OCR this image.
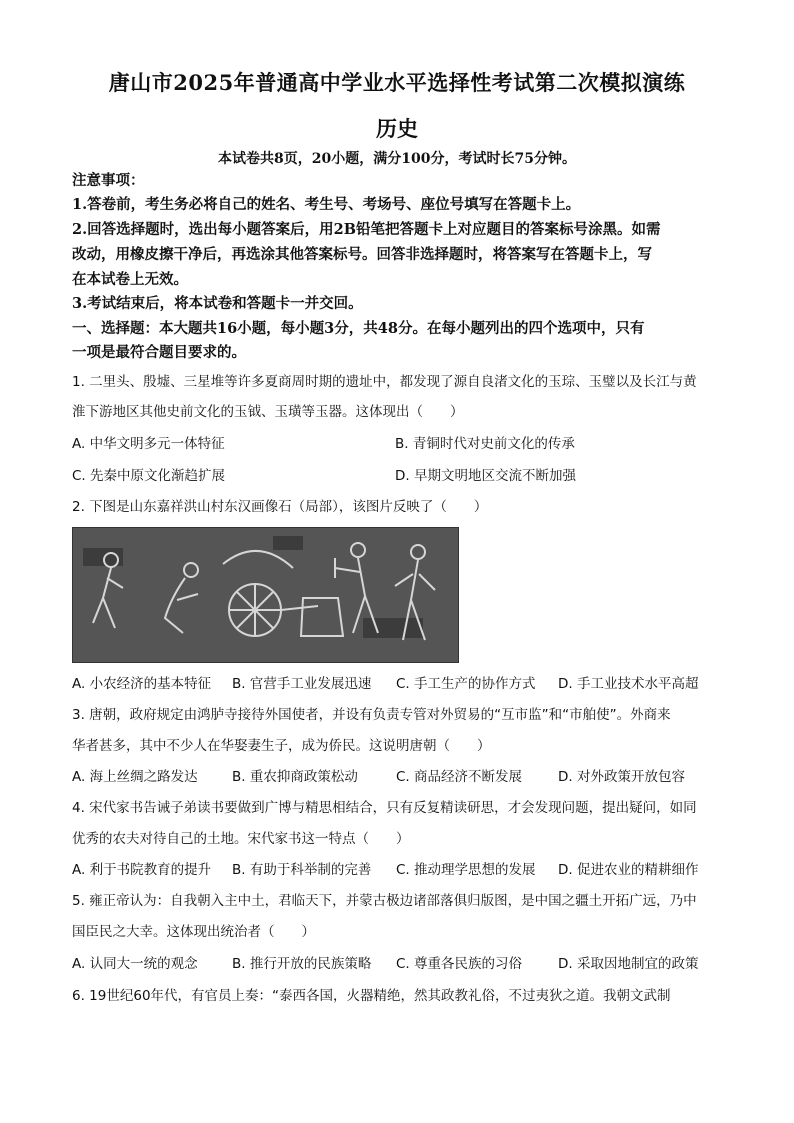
唐山市2025年普通高中学业水平选择性考试第二次模拟演练
历史
本试卷共8页，20小题，满分100分，考试时长75分钟。
注意事项：
1.答卷前，考生务必将自己的姓名、考生号、考场号、座位号填写在答题卡上。
2.回答选择题时，选出每小题答案后，用2B铅笔把答题卡上对应题目的答案标号涂黑。如需
改动，用橡皮擦干净后，再选涂其他答案标号。回答非选择题时，将答案写在答题卡上，写
在本试卷上无效。
3.考试结束后，将本试卷和答题卡一并交回。
一、选择题：本大题共16小题，每小题3分，共48分。在每小题列出的四个选项中，只有
一项是最符合题目要求的。
1. 二里头、殷墟、三星堆等许多夏商周时期的遗址中，都发现了源自良渚文化的玉琮、玉璧以及长江与黄
淮下游地区其他史前文化的玉钺、玉璜等玉器。这体现出（　　）
A. 中华文明多元一体特征	B. 青铜时代对史前文化的传承
C. 先秦中原文化渐趋扩展	D. 早期文明地区交流不断加强
2. 下图是山东嘉祥洪山村东汉画像石（局部），该图片反映了（　　）
A. 小农经济的基本特征 B. 官营手工业发展迅速 C. 手工生产的协作方式 D. 手工业技术水平高超
3. 唐朝，政府规定由鸿胪寺接待外国使者，并设有负责专管对外贸易的“互市监”和“市舶使”。外商来
华者甚多，其中不少人在华娶妻生子，成为侨民。这说明唐朝（　　）
A. 海上丝绸之路发达	B. 重农抑商政策松动	C. 商品经济不断发展	D. 对外政策开放包容
4. 宋代家书告诫子弟读书要做到广博与精思相结合，只有反复精读研思，才会发现问题，提出疑问，如同
优秀的农夫对待自己的土地。宋代家书这一特点（　　）
A. 利于书院教育的提升 B. 有助于科举制的完善 C. 推动理学思想的发展 D. 促进农业的精耕细作
5. 雍正帝认为：自我朝入主中土，君临天下，并蒙古极边诸部落俱归版图，是中国之疆土开拓广远，乃中
国臣民之大幸。这体现出统治者（　　）
A. 认同大一统的观念	B. 推行开放的民族策略 C. 尊重各民族的习俗	D. 采取因地制宜的政策
6. 19世纪60年代，有官员上奏：“泰西各国，火器精绝，然其政教礼俗，不过夷狄之道。我朝文武制
